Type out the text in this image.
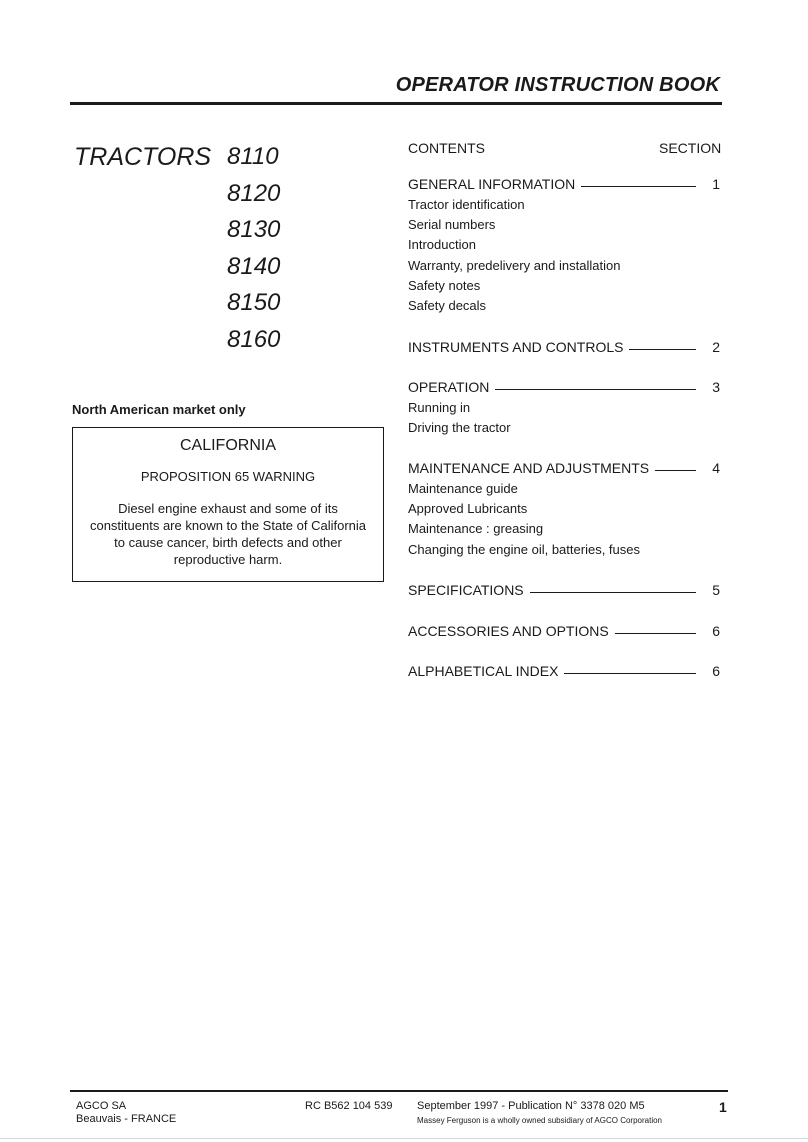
OPERATOR INSTRUCTION BOOK
TRACTORS 8110
8120
8130
8140
8150
8160
North American market only
CALIFORNIA
PROPOSITION 65 WARNING
Diesel engine exhaust and some of its constituents are known to the State of California to cause cancer, birth defects and other reproductive harm.
CONTENTS	SECTION
GENERAL INFORMATION	1
Tractor identification
Serial numbers
Introduction
Warranty, predelivery and installation
Safety notes
Safety decals
INSTRUMENTS AND CONTROLS	2
OPERATION	3
Running in
Driving the tractor
MAINTENANCE AND ADJUSTMENTS	4
Maintenance guide
Approved Lubricants
Maintenance : greasing
Changing the engine oil, batteries, fuses
SPECIFICATIONS	5
ACCESSORIES AND OPTIONS	6
ALPHABETICAL INDEX	6
AGCO SA
Beauvais - FRANCE
RC B562 104 539 September 1997 - Publication N° 3378 020 M5
Massey Ferguson is a wholly owned subsidiary of AGCO Corporation
1
